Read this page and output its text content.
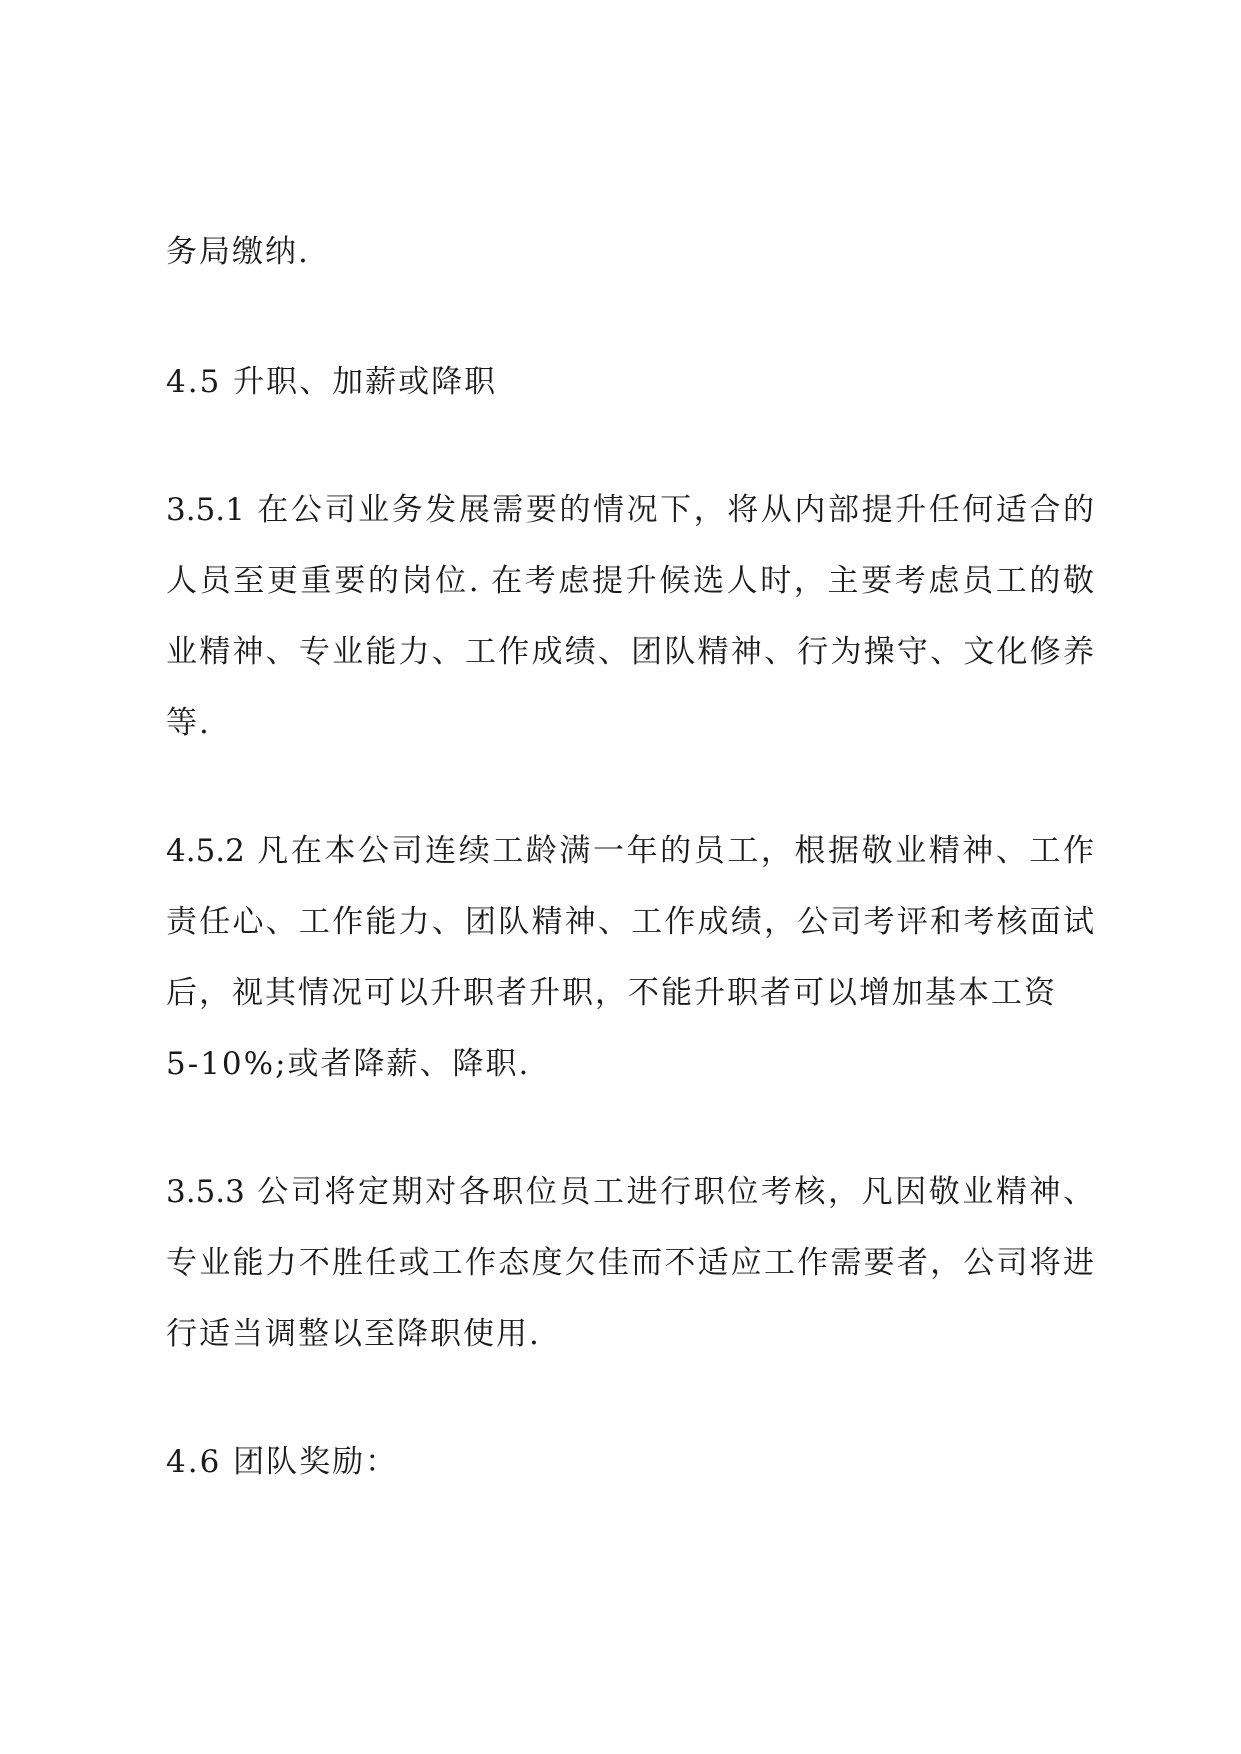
务局缴纳.
4.5 升职、加薪或降职
3.5.1 在公司业务发展需要的情况下，将从内部提升任何适合的
人员至更重要的岗位. 在考虑提升候选人时，主要考虑员工的敬
业精神、专业能力、工作成绩、团队精神、行为操守、文化修养
等.
4.5.2 凡在本公司连续工龄满一年的员工，根据敬业精神、工作
责任心、工作能力、团队精神、工作成绩，公司考评和考核面试
后，视其情况可以升职者升职，不能升职者可以增加基本工资
5-10%;或者降薪、降职.
3.5.3 公司将定期对各职位员工进行职位考核，凡因敬业精神、
专业能力不胜任或工作态度欠佳而不适应工作需要者，公司将进
行适当调整以至降职使用.
4.6 团队奖励：
